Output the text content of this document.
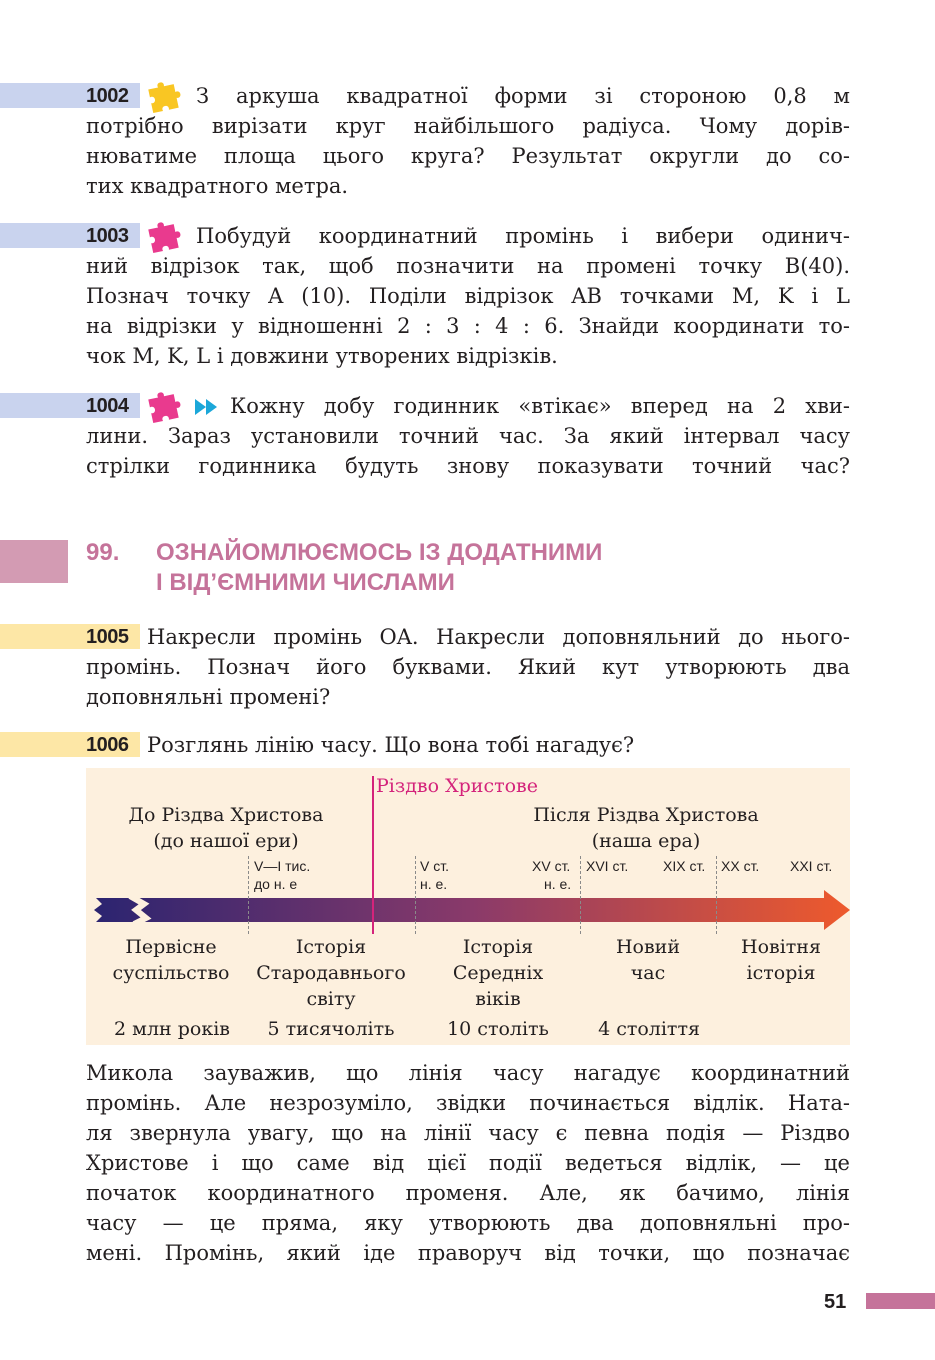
1002	З аркуша квадратної форми зі стороною 0,8 м
потрібно вирізати круг найбільшого радіуса. Чому дорів-
нюватиме площа цього круга? Результат округли до со-
тих квадратного метра.
1003	Побудуй координатний промінь і вибери одинич-
ний відрізок так, щоб позначити на промені точку B(40).
Познач точку A (10). Поділи відрізок AB точками M, K і L
на відрізки у відношенні 2 : 3 : 4 : 6. Знайди координати то-
чок M, K, L і довжини утворених відрізків.
1004	Кожну добу годинник «втікає» вперед на 2 хви-
лини. Зараз установили точний час. За який інтервал часу
стрілки годинника будуть знову показувати точний час?
99. ОЗНАЙОМЛЮЄМОСЬ ІЗ ДОДАТНИМИ
І ВІД’ЄМНИМИ ЧИСЛАМИ
1005 Накресли промінь OA. Накресли доповняльний до нього-
промінь. Познач його буквами. Який кут утворюють два
доповняльні промені?
1006 Розглянь лінію часу. Що вона тобі нагадує?
Різдво Христове
До Різдва Христова
(до нашої ери)
Після Різдва Христова
(наша ера)
V—I тис.
до н. е
V ст.
н. е.
XV ст.
н. е.
XVI ст. XIX ст. XX ст. XXI ст.
Первісне
суспільство
Історія
Стародавнього
світу
Історія
Середніх
віків
Новий
час
Новітня
історія
2 млн років	5 тисячоліть	10 століть	4 століття
Микола зауважив, що лінія часу нагадує координатний
промінь. Але незрозуміло, звідки починається відлік. Ната-
ля звернула увагу, що на лінії часу є певна подія — Різдво
Христове і що саме від цієї події ведеться відлік, — це
початок координатного променя. Але, як бачимо, лінія
часу — це пряма, яку утворюють два доповняльні про-
мені. Промінь, який іде праворуч від точки, що позначає
51
